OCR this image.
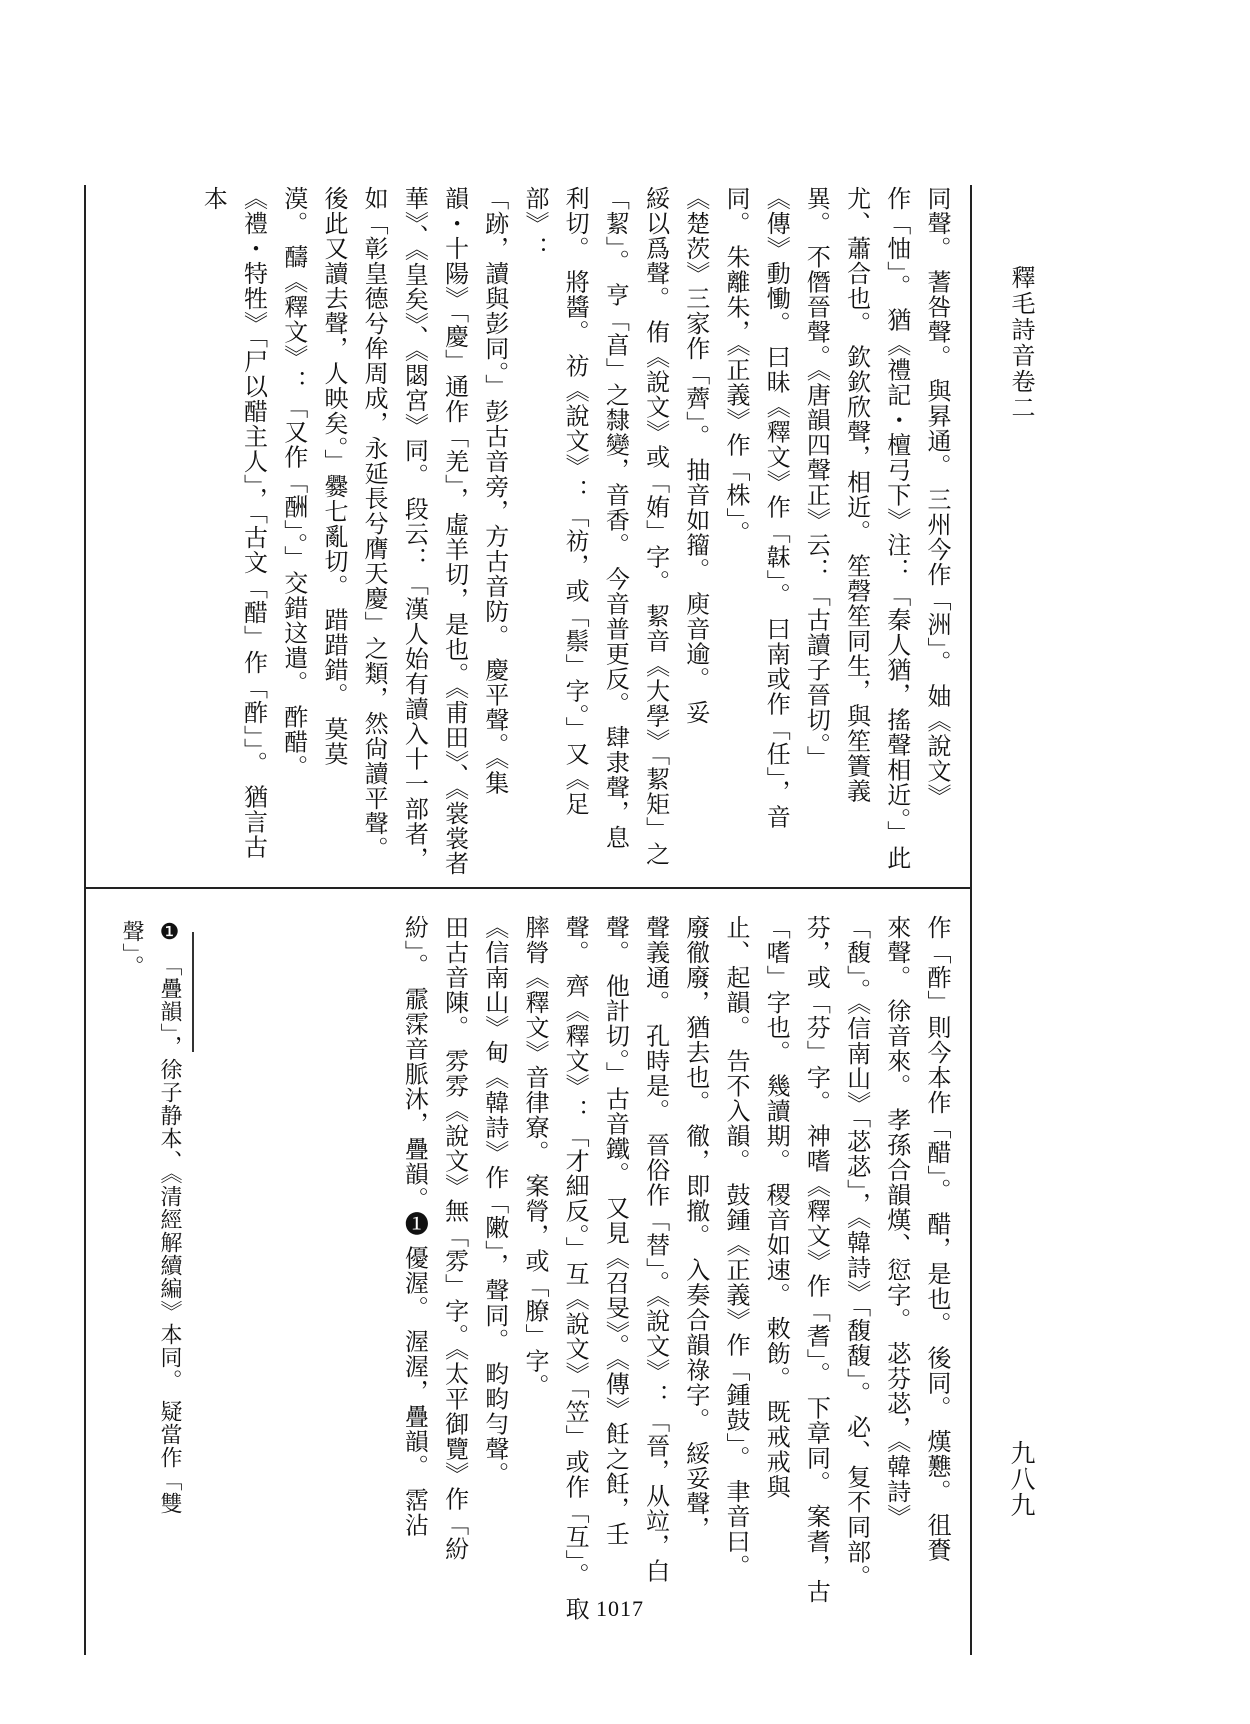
釋毛詩音卷二
九八九
同聲。 蓍咎聲。 與昪通。 三州今作「洲」。 妯《說文》
作「怞」。 猶《禮記・檀弓下》注：「秦人猶，搖聲相近。」此
尤、蕭合也。 欽欽欣聲，相近。 笙磬笙同生，與笙簀義
異。 不僭晉聲。《唐韻四聲正》云：「古讀子晉切。」
《傳》動慟。 曰昧《釋文》作「韎」。 曰南或作「任」，音
同。 朱離朱，《正義》作「株」。
《楚茨》三家作「薺」。 抽音如籀。 庾音逾。 妥
綏以爲聲。 侑《說文》或「姷」字。 絜音《大學》「絜矩」之
「絜」。 亨「亯」之隸變，音香。 今音普更反。 肆隶聲，息
利切。 將醬。 祊《說文》：「祊，或「鬃」字。」又《足部》：
「跡，讀與彭同。」彭古音旁，方古音防。 慶平聲。《集
韻・十陽》「慶」通作「羌」，虛羊切，是也。《甫田》、《裳裳者
華》、《皇矣》、《閟宮》同。 段云：「漢人始有讀入十一部者，
如「彰皇德兮侔周成，永延長兮膺天慶」之類，然尙讀平聲。
後此又讀去聲，人映矣。」爨七亂切。 踖踖錯。 莫莫
漠。 醻《釋文》：「又作「酬」。」交錯这遣。 酢醋。
《禮・特牲》「尸以醋主人」，「古文「醋」作「酢」」。 猶言古本
作「酢」則今本作「醋」。 醋，是也。 後同。 熯戁。 徂賚
來聲。 徐音來。 孝孫合韻熯、愆字。 苾芬苾，《韓詩》
「馥」。《信南山》「苾苾」，《韓詩》「馥馥」。 必、复不同部。
芬，或「芬」字。 神嗜《釋文》作「耆」。 下章同。 案耆，古
「嗜」字也。 幾讀期。 稷音如速。 敕飭。 既戒戒與
止、起韻。 告不入韻。 鼓鍾《正義》作「鍾鼓」。 聿音曰。
廢徹廢，猶去也。 徹，即撤。 入奏合韻祿字。 綏妥聲，
聲義通。 孔時是。 晉俗作「替」。《說文》：「晉，从竝，白
聲。 他計切。」古音鐵。 又見《召旻》。《傳》飪之飪，壬
聲。 齊《釋文》：「才細反。」互《說文》「笠」或作「互」。 取
膟膋《釋文》音律寮。 案膋，或「膫」字。
《信南山》甸《韓詩》作「敶」，聲同。 畇畇勻聲。
田古音陳。 雰雰《說文》無「雰」字。《太平御覽》作「紛
紛」。 霢霂音脈沐，疊韻。❶ 優渥。 渥渥，疊韻。 霑沾
❶ 「疊韻」，徐子静本、《清經解續編》本同。 疑當作「雙
聲」。
1017
